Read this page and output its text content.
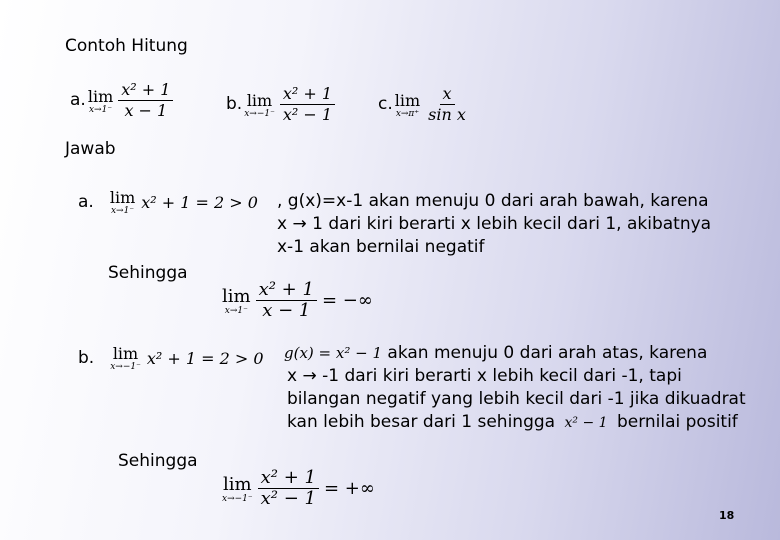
Contoh Hitung
a. lim
$x\to 1^- \frac{\text{x² + 1}}{x - 1}$	b. lim
$x\to-1^- \frac{\text{x² + 1}}{\text{x² − 1}}$	c. lim
$x\to\pi^+ \frac{x}{\text{sin x}}$
Jawab
a. lim
x→1⁻ x² + 1 = 2 > 0 , g(x)=x-1 akan menuju 0 dari arah bawah, karena
x → 1 dari kiri berarti x lebih kecil dari 1, akibatnya
x-1 akan bernilai negatif
Sehingga
lim
$x\to 1^- \frac{\text{x² + 1}}{x - 1}$ = −∞
b. lim
x→−1⁻ x² + 1 = 2 > 0 g(x) = x² − 1 akan menuju 0 dari arah atas, karena
x → -1 dari kiri berarti x lebih kecil dari -1, tapi
bilangan negatif yang lebih kecil dari -1 jika dikuadrat
kan lebih besar dari 1 sehingga x² − 1 bernilai positif
Sehingga
lim
$x\to-1^- \frac{\text{x² + 1}}{\text{x² − 1}}$ = +∞
18
